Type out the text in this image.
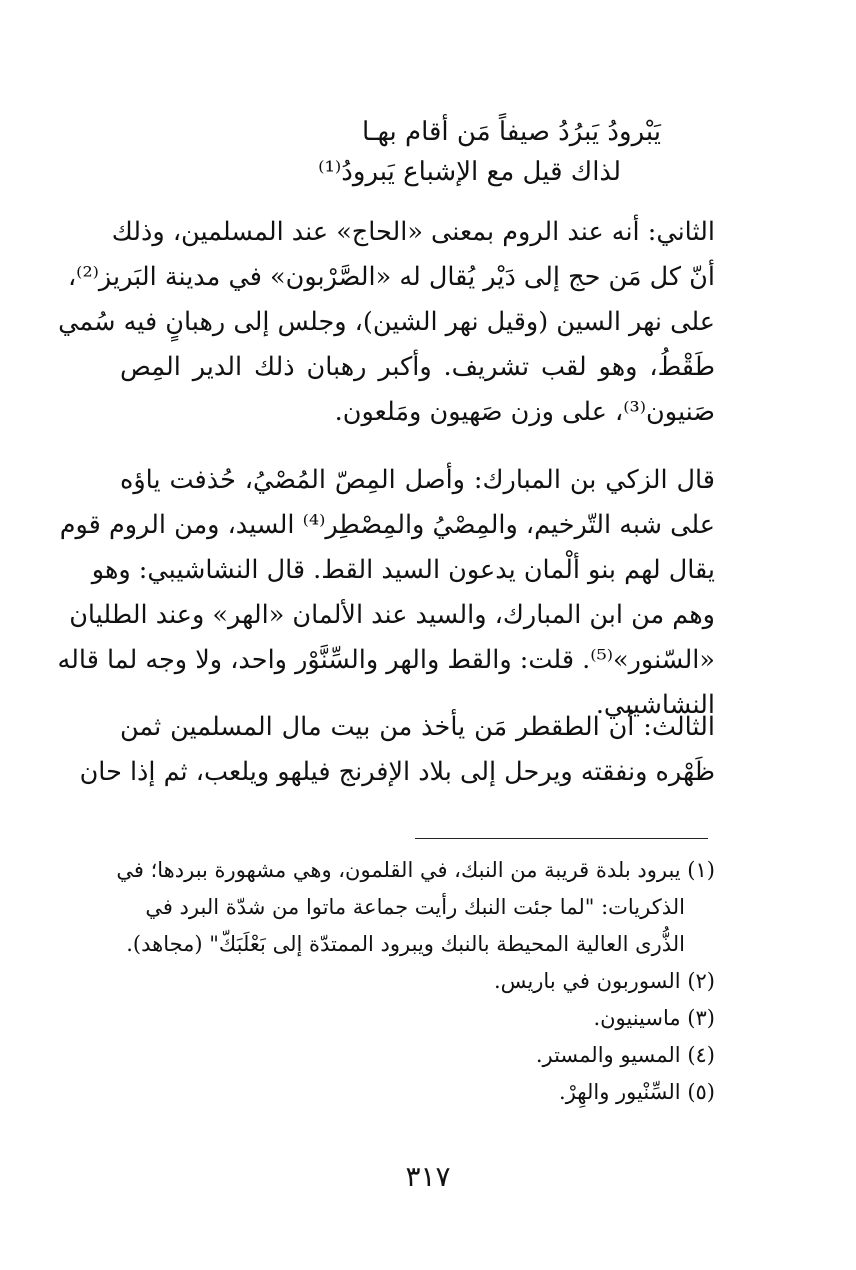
يَبْرودُ يَبرُدُ صيفاً مَن أقام بهـا
لذاك قيل مع الإشباع يَبرودُ⁽¹⁾
الثاني: أنه عند الروم بمعنى «الحاج» عند المسلمين، وذلك
أنّ كل مَن حج إلى دَيْر يُقال له «الصَّرْبون» في مدينة البَريز⁽²⁾،
على نهر السين (وقيل نهر الشين)، وجلس إلى رهبانٍ فيه سُمي
طَقْطُ، وهو لقب تشريف. وأكبر رهبان ذلك الدير المِص
صَنيون⁽³⁾، على وزن صَهيون ومَلعون.
قال الزكي بن المبارك: وأصل المِصّ المُصْيُ، حُذفت ياؤه
على شبه التّرخيم، والمِصْيُ والمِصْطِر⁽⁴⁾ السيد، ومن الروم قوم
يقال لهم بنو ألْمان يدعون السيد القط. قال النشاشيبي: وهو
وهم من ابن المبارك، والسيد عند الألمان «الهر» وعند الطليان
«السّنور»⁽⁵⁾. قلت: والقط والهر والسِّنَّوْر واحد، ولا وجه لما قاله
النشاشيبي.
الثالث: أن الطقطر مَن يأخذ من بيت مال المسلمين ثمن
ظَهْره ونفقته ويرحل إلى بلاد الإفرنج فيلهو ويلعب، ثم إذا حان
(١) يبرود بلدة قريبة من النبك، في القلمون، وهي مشهورة ببردها؛ في
الذكريات: "لما جئت النبك رأيت جماعة ماتوا من شدّة البرد في
الذُّرى العالية المحيطة بالنبك ويبرود الممتدّة إلى بَعْلَبَكّ" (مجاهد).
(٢) السوربون في باريس.
(٣) ماسينيون.
(٤) المسيو والمستر.
(٥) السِّنْيور والهِرْ.
٣١٧
